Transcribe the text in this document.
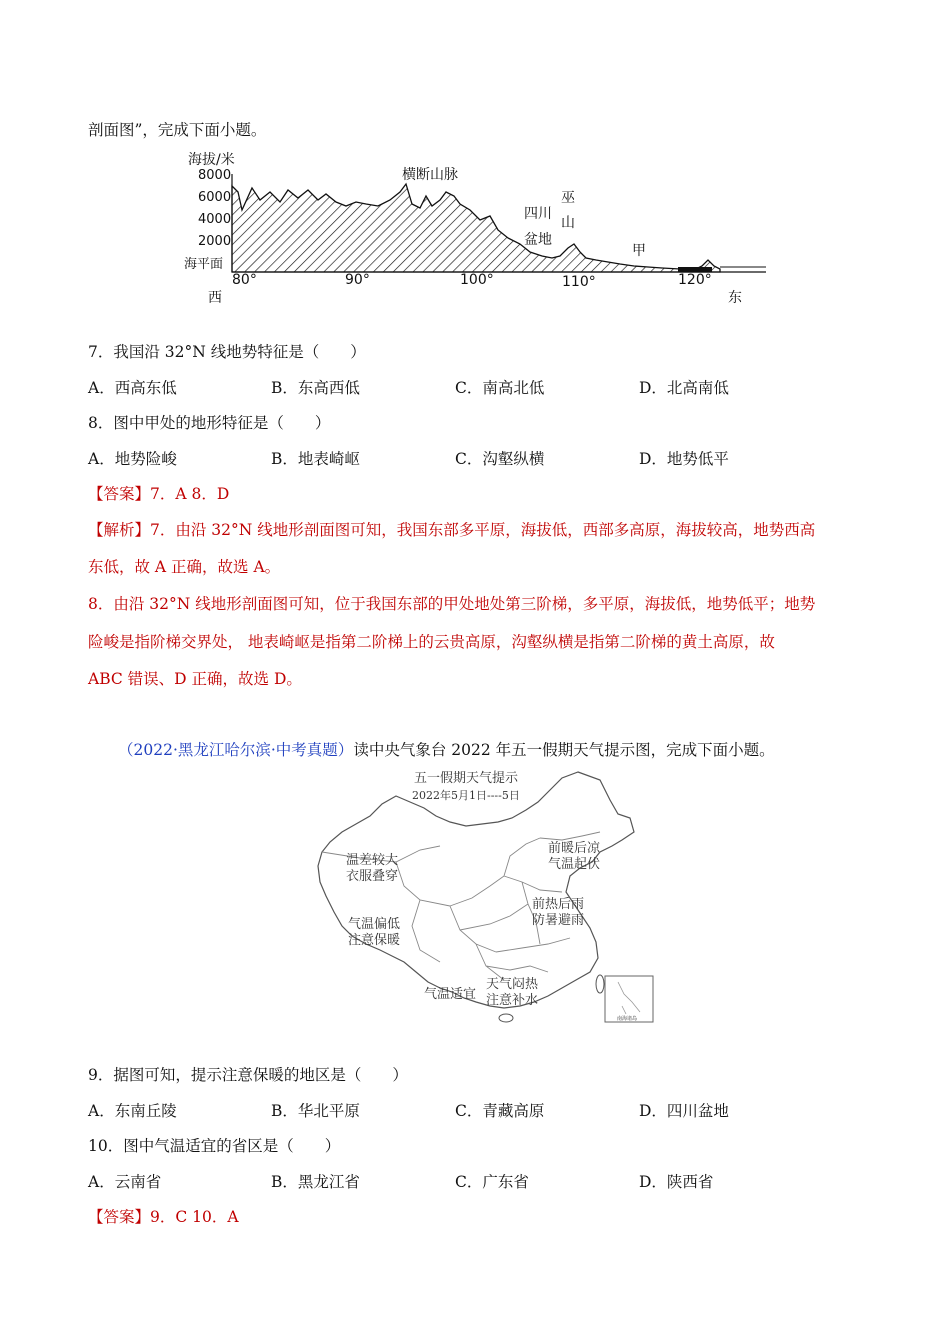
剖面图”，完成下面小题。
海拔/米
8000
6000
4000
2000
海平面
横断山脉
四川
盆地
巫
山
甲
80°	90°	100°	110°	120°
西	东
7．我国沿 32°N 线地势特征是（　　）
A．西高东低	B．东高西低	C．南高北低	D．北高南低
8．图中甲处的地形特征是（　　）
A．地势险峻	B．地表崎岖	C．沟壑纵横	D．地势低平
【答案】7．A 8．D
【解析】7．由沿 32°N 线地形剖面图可知，我国东部多平原，海拔低，西部多高原，海拔较高，地势西高
东低，故 A 正确，故选 A。
8．由沿 32°N 线地形剖面图可知，位于我国东部的甲处地处第三阶梯，多平原，海拔低，地势低平；地势
险峻是指阶梯交界处， 地表崎岖是指第二阶梯上的云贵高原，沟壑纵横是指第二阶梯的黄土高原，故
ABC 错误、D 正确，故选 D。
（2022·黑龙江哈尔滨·中考真题）读中央气象台 2022 年五一假期天气提示图，完成下面小题。
五一假期天气提示
2022年5月1日----5日
前暖后凉
气温起伏
温差较大
衣服叠穿
前热后雨
防暑避雨
气温偏低
注意保暖
气温适宜
天气闷热
注意补水
南海诸岛
9．据图可知，提示注意保暖的地区是（　　）
A．东南丘陵	B．华北平原	C．青藏高原	D．四川盆地
10．图中气温适宜的省区是（　　）
A．云南省	B．黑龙江省	C．广东省	D．陕西省
【答案】9．C 10．A
